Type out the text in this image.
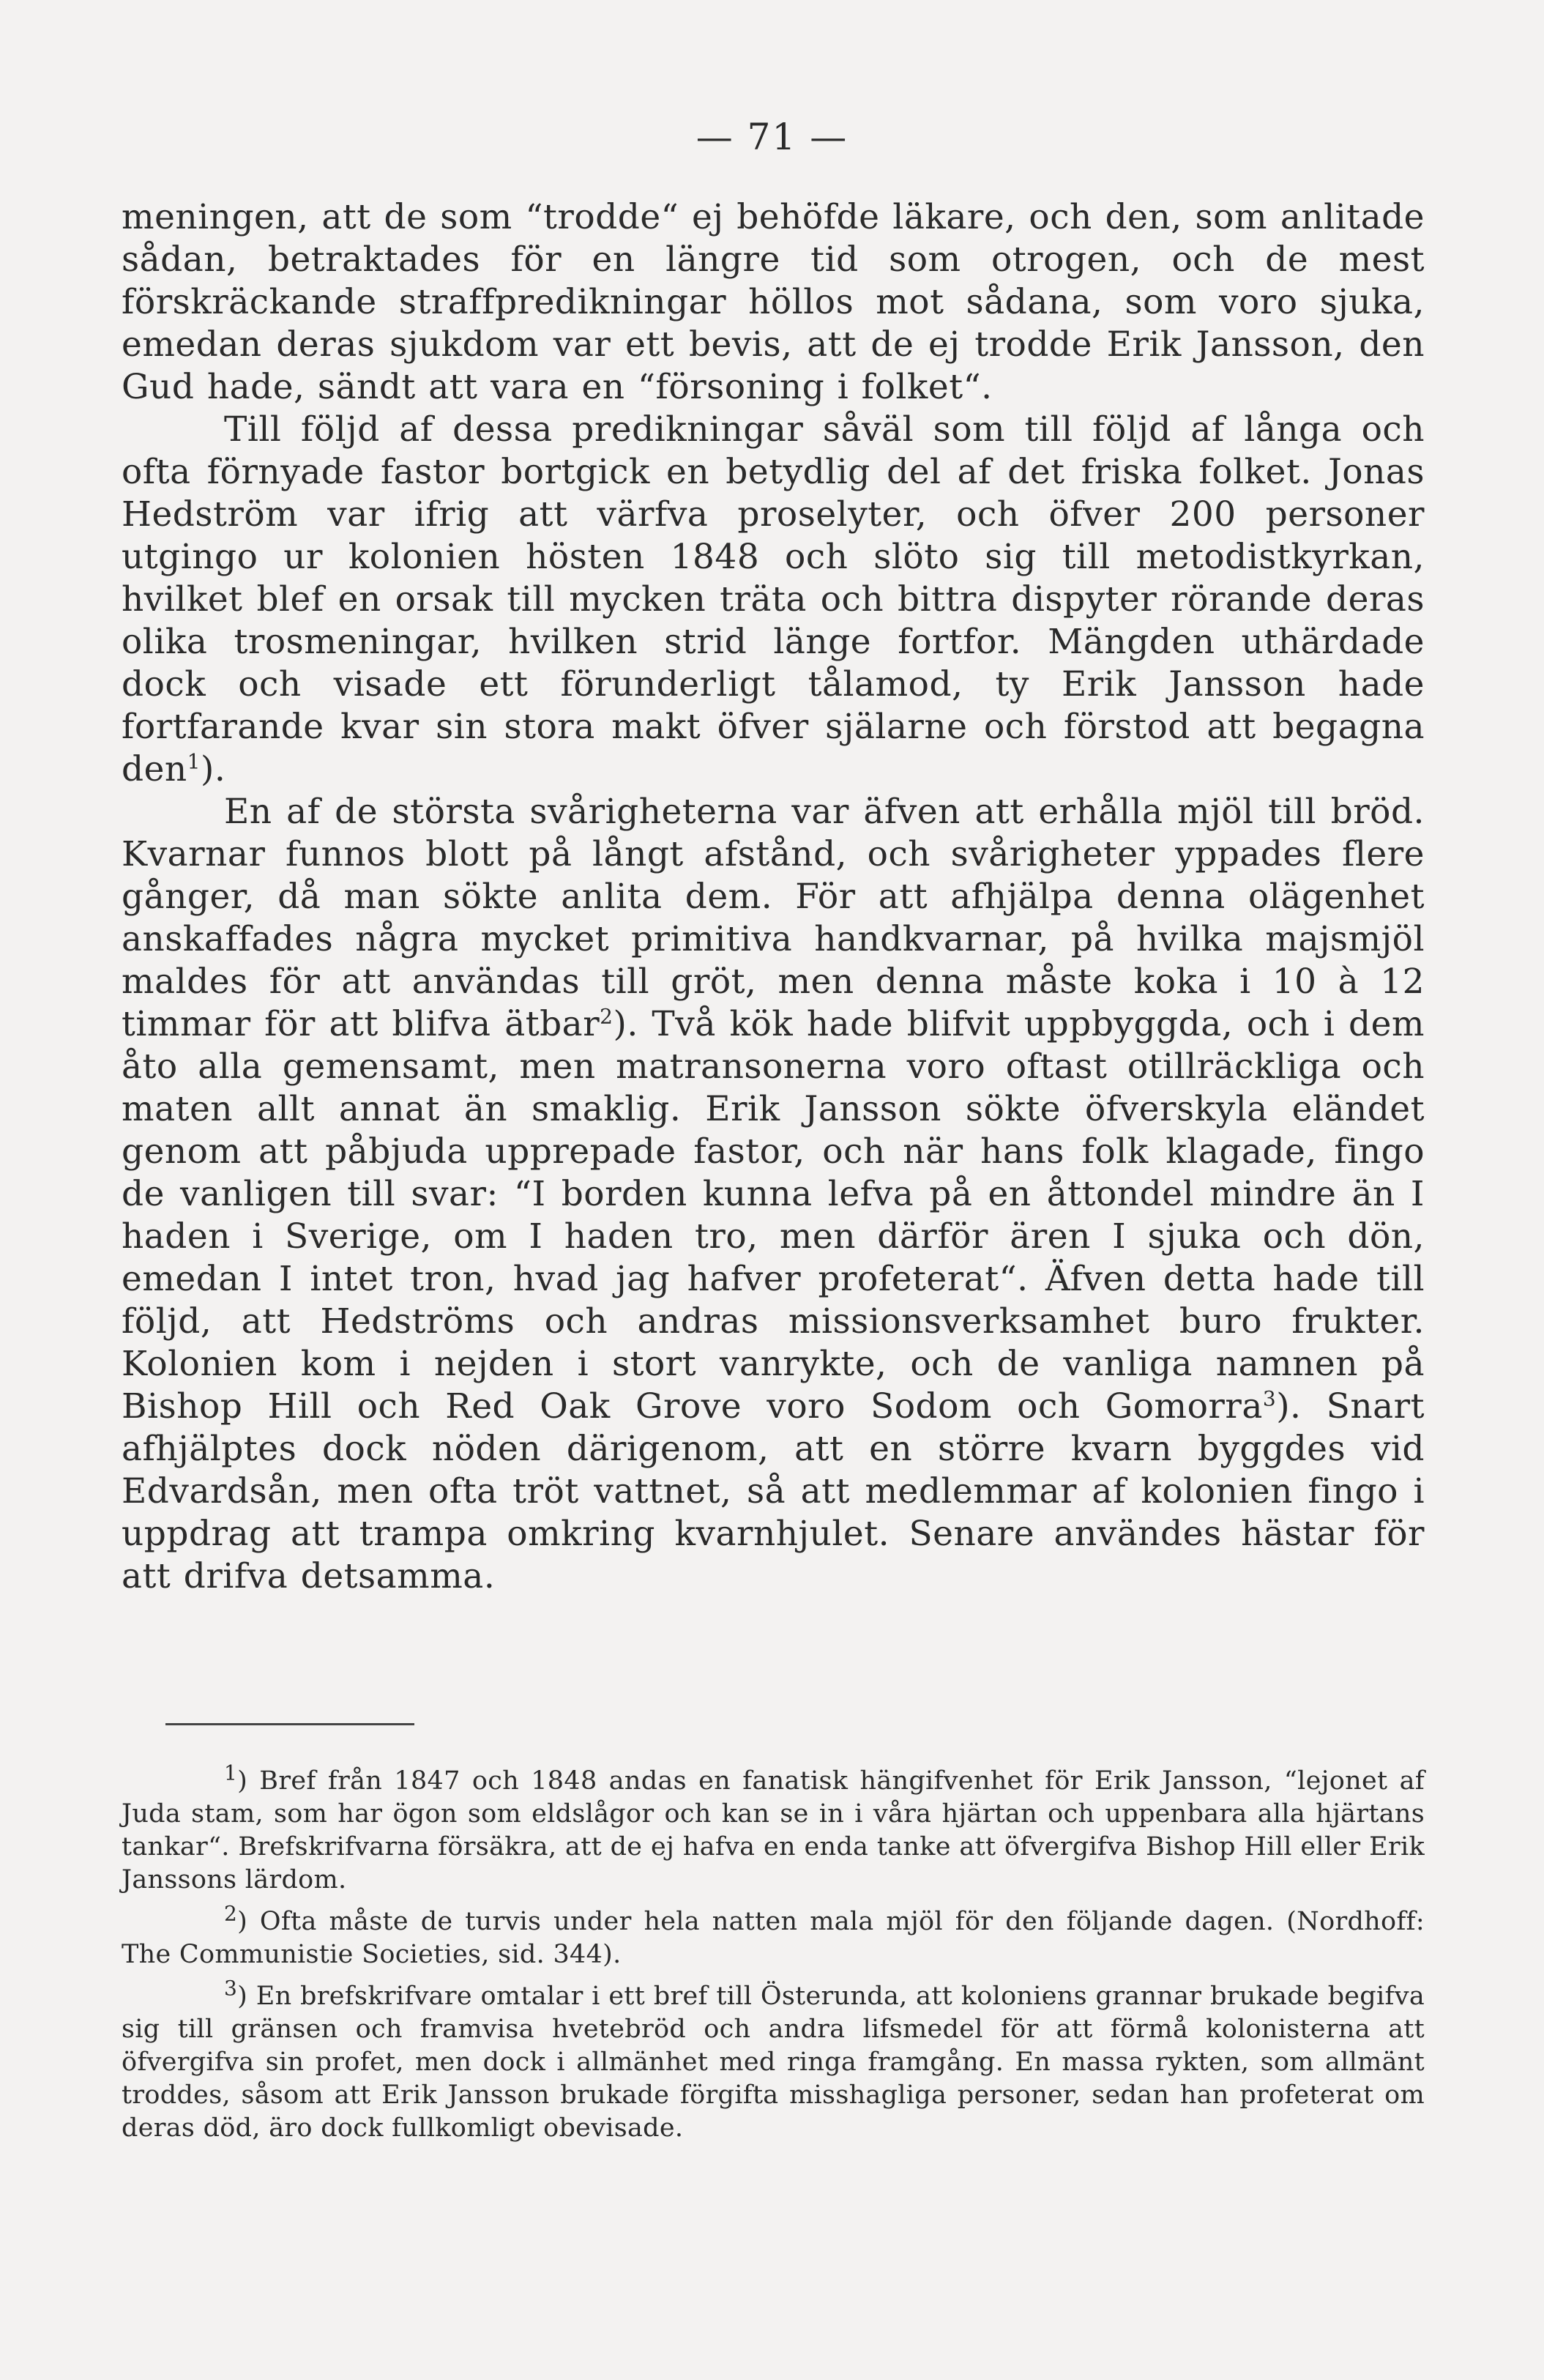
— 71 —

meningen, att de som “trodde“ ej behöfde läkare, och den, som anlitade sådan, betraktades för en längre tid som otrogen, och de mest förskräckande straffpredikningar höllos mot sådana, som voro sjuka, emedan deras sjukdom var ett bevis, att de ej trodde Erik Jansson, den Gud hade, sändt att vara en “försoning i folket“.

Till följd af dessa predikningar såväl som till följd af långa och ofta förnyade fastor bortgick en betydlig del af det friska folket. Jonas Hedström var ifrig att värfva proselyter, och öfver 200 personer utgingo ur kolonien hösten 1848 och slöto sig till metodistkyrkan, hvilket blef en orsak till mycken träta och bittra dispyter rörande deras olika trosmeningar, hvilken strid länge fortfor. Mängden uthärdade dock och visade ett förunderligt tålamod, ty Erik Jansson hade fortfarande kvar sin stora makt öfver själarne och förstod att begagna den$^1$).

En af de största svårigheterna var äfven att erhålla mjöl till bröd. Kvarnar funnos blott på långt afstånd, och svårigheter yppades flere gånger, då man sökte anlita dem. För att afhjälpa denna olägenhet anskaffades några mycket primitiva handkvarnar, på hvilka majsmjöl maldes för att användas till gröt, men denna måste koka i 10 à 12 timmar för att blifva ätbar$^2$). Två kök hade blifvit uppbyggda, och i dem åto alla gemensamt, men matransonerna voro oftast otillräckliga och maten allt annat än smaklig. Erik Jansson sökte öfverskyla eländet genom att påbjuda upprepade fastor, och när hans folk klagade, fingo de vanligen till svar: “I borden kunna lefva på en åttondel mindre än I haden i Sverige, om I haden tro, men därför ären I sjuka och dön, emedan I intet tron, hvad jag hafver profeterat“. Äfven detta hade till följd, att Hedströms och andras missionsverksamhet buro frukter. Kolonien kom i nejden i stort vanrykte, och de vanliga namnen på Bishop Hill och Red Oak Grove voro Sodom och Gomorra$^3$). Snart afhjälptes dock nöden därigenom, att en större kvarn byggdes vid Edvardsån, men ofta tröt vattnet, så att medlemmar af kolonien fingo i uppdrag att trampa omkring kvarnhjulet. Senare användes hästar för att drifva detsamma.

$^1$) Bref från 1847 och 1848 andas en fanatisk hängifvenhet för Erik Jansson, “lejonet af Juda stam, som har ögon som eldslågor och kan se in i våra hjärtan och uppenbara alla hjärtans tankar“. Brefskrifvarna försäkra, att de ej hafva en enda tanke att öfvergifva Bishop Hill eller Erik Janssons lärdom.

$^2$) Ofta måste de turvis under hela natten mala mjöl för den följande dagen. (Nordhoff: The Communistie Societies, sid. 344).

$^3$) En brefskrifvare omtalar i ett bref till Österunda, att koloniens grannar brukade begifva sig till gränsen och framvisa hvetebröd och andra lifsmedel för att förmå kolonisterna att öfvergifva sin profet, men dock i allmänhet med ringa framgång. En massa rykten, som allmänt troddes, såsom att Erik Jansson brukade förgifta misshagliga personer, sedan han profeterat om deras död, äro dock fullkomligt obevisade.
